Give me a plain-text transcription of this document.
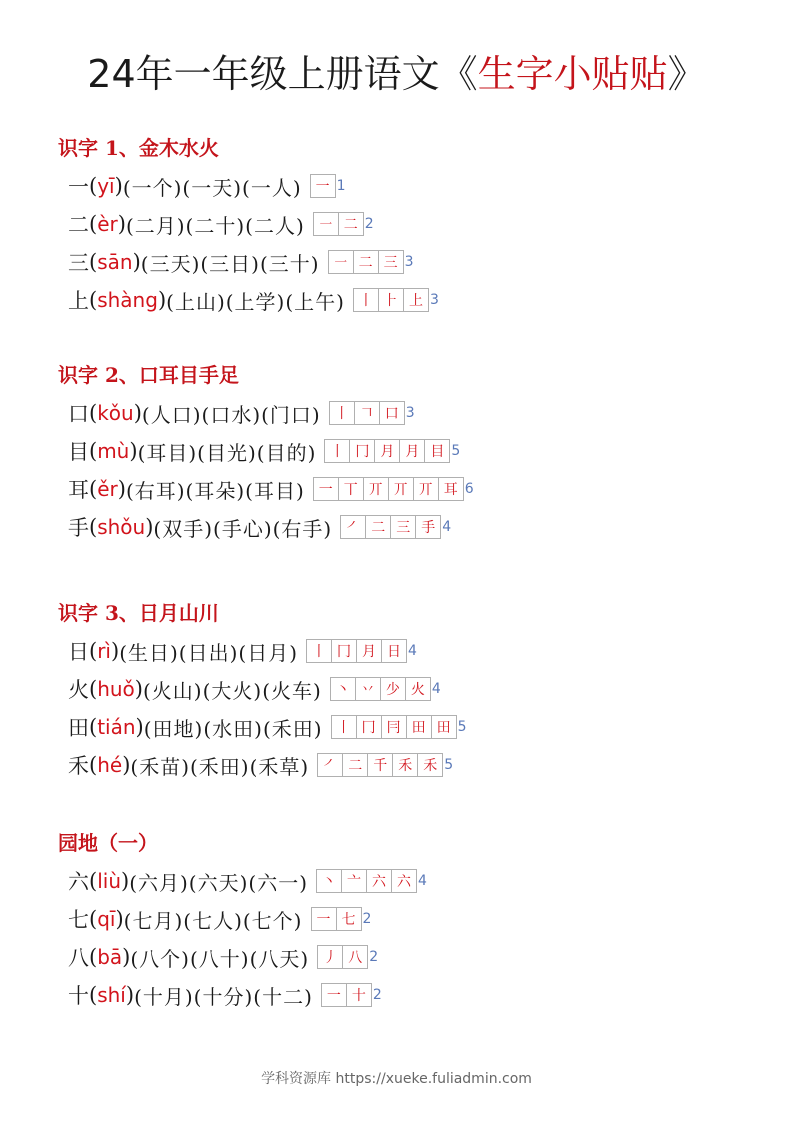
24年一年级上册语文《生字小贴贴》
识字 1、金木水火
一 ( yī ) (一个)(一天)(一人) 一 1
二 ( èr ) (二月)(二十)(二人) ㇐ 二 2
三 ( sān ) (三天)(三日)(三十) ㇐ 二 三 3
上 ( shàng ) (上山)(上学)(上午) 丨 ⺊ 上 3
识字 2、口耳目手足
口 ( kǒu ) (人口)(口水)(门口) 丨 𠃍 口 3
目 ( mù ) (耳目)(目光)(目的) 丨 冂 月 月 目 5
耳 ( ěr ) (右耳)(耳朵)(耳目) 一 丅 丌 丌 丌 耳 6
手 ( shǒu ) (双手)(手心)(右手) ㇒ 二 三 手 4
识字 3、日月山川
日 ( rì ) (生日)(日出)(日月) 丨 冂 月 日 4
火 ( huǒ ) (火山)(大火)(火车) 丶 丷 少 火 4
田 ( tián ) (田地)(水田)(禾田) 丨 冂 冃 田 田 5
禾 ( hé ) (禾苗)(禾田)(禾草) ㇒ 二 千 禾 禾 5
园地（一）
六 ( liù ) (六月)(六天)(六一) 丶 亠 六 六 4
七 ( qī ) (七月)(七人)(七个) 一 七 2
八 ( bā ) (八个)(八十)(八天) 丿 八 2
十 ( shí ) (十月)(十分)(十二) 一 十 2
学科资源库 https://xueke.fuliadmin.com
